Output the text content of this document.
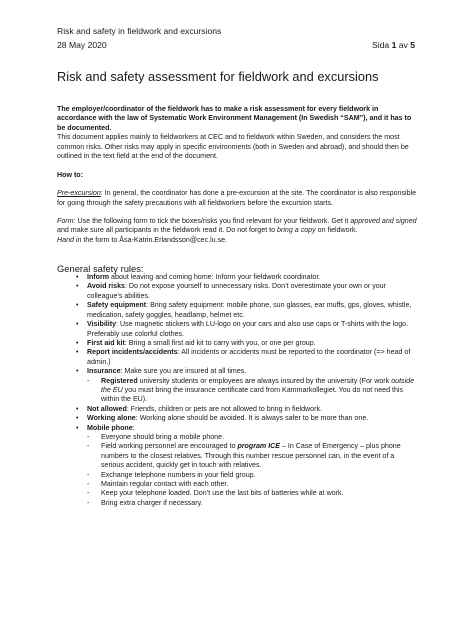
Risk and safety in fieldwork and excursions
28 May 2020	Sida 1 av 5
Risk and safety assessment for fieldwork and excursions

The employer/coordinator of the fieldwork has to make a risk assessment for every fieldwork in accordance with the law of Systematic Work Environment Management (In Swedish “SAM”), and it has to be documented.

This document applies mainly to fieldworkers at CEC and to fieldwork within Sweden, and considers the most common risks. Other risks may apply in specific environments (both in Sweden and abroad), and should then be outlined in the text field at the end of the document.

How to:

Pre-excursion: In general, the coordinator has done a pre-excursion at the site. The coordinator is also responsible for going through the safety precautions with all fieldworkers before the excursion starts.

Form: Use the following form to tick the boxes/risks you find relevant for your fieldwork. Get it approved and signed and make sure all participants in the fieldwork read it. Do not forget to bring a copy on fieldwork.

Hand in the form to Åsa-Katrin.Erlandsson@cec.lu.se.

General safety rules:

• Inform about leaving and coming home: Inform your fieldwork coordinator.
• Avoid risks: Do not expose yourself to unnecessary risks. Don’t overestimate your own or your colleague’s abilities.
• Safety equipment: Bring safety equipment: mobile phone, sun glasses, ear muffs, gps, gloves, whistle, medication, safety goggles, headlamp, helmet etc.
• Visibility: Use magnetic stickers with LU-logo on your cars and also use caps or T-shirts with the logo. Preferably use colorful clothes.
• First aid kit: Bring a small first aid kit to carry with you, or one per group.
• Report incidents/accidents: All incidents or accidents must be reported to the coordinator (=> head of admin.)
• Insurance: Make sure you are insured at all times.
- Registered university students or employees are always insured by the university (For work outside the EU you must bring the insurance certificate card from Kammarkollegiet. You do not need this within the EU).
• Not allowed: Friends, children or pets are not allowed to bring in fieldwork.
• Working alone: Working alone should be avoided. It is always safer to be more than one.
• Mobile phone:
- Everyone should bring a mobile phone.
- Field working personnel are encouraged to program ICE – In Case of Emergency – plus phone numbers to the closest relatives. Through this number rescue personnel can, in the event of a serious accident, quickly get in touch with relatives.
- Exchange telephone numbers in your field group.
- Maintain regular contact with each other.
- Keep your telephone loaded. Don’t use the last bits of batteries while at work.
- Bring extra charger if necessary.
